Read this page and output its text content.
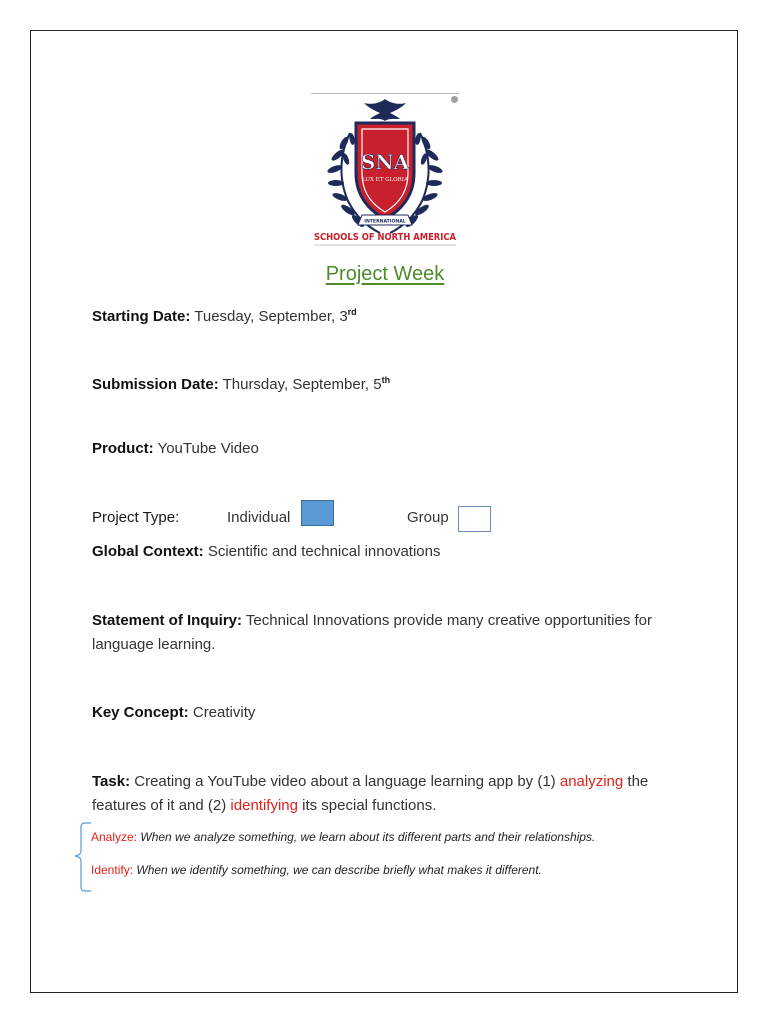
SNA
LUX ET GLORIA
INTERNATIONAL
SCHOOLS OF NORTH AMERICA
Project Week
Starting Date: Tuesday, September, 3rd
Submission Date: Thursday, September, 5th
Product: YouTube Video
Project Type:	Individual	Group
Global Context: Scientific and technical innovations
Statement of Inquiry: Technical Innovations provide many creative opportunities for language learning.
Key Concept: Creativity
Task: Creating a YouTube video about a language learning app by (1) analyzing the features of it and (2) identifying its special functions.
Analyze: When we analyze something, we learn about its different parts and their relationships.
Identify: When we identify something, we can describe briefly what makes it different.
